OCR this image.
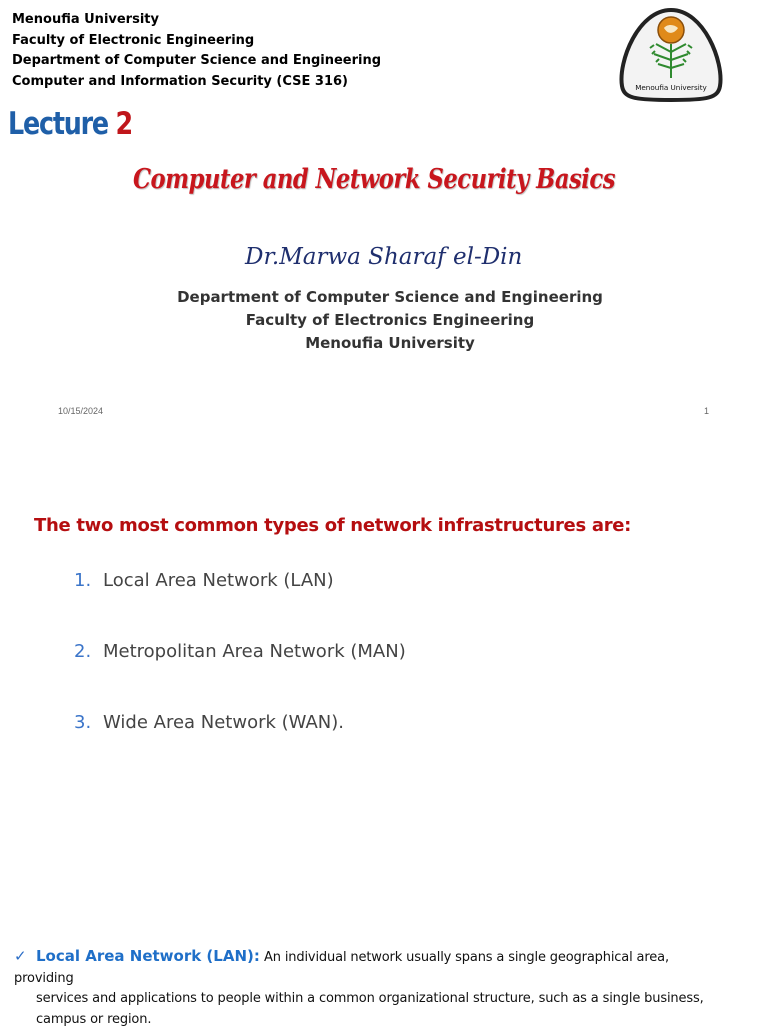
Menoufia University
Faculty of Electronic Engineering
Department of Computer Science and Engineering
Computer and Information Security (CSE 316)	Menoufia University
Lecture 2
Computer and Network Security Basics
Dr.Marwa Sharaf el-Din
Department of Computer Science and Engineering
Faculty of Electronics Engineering
Menoufia University
10/15/2024	1
The two most common types of network infrastructures are:
1. Local Area Network (LAN)
2. Metropolitan Area Network (MAN)
3. Wide Area Network (WAN).
✓ Local Area Network (LAN): An individual network usually spans a single geographical area, providing
services and applications to people within a common organizational structure, such as a single business,
campus or region.
